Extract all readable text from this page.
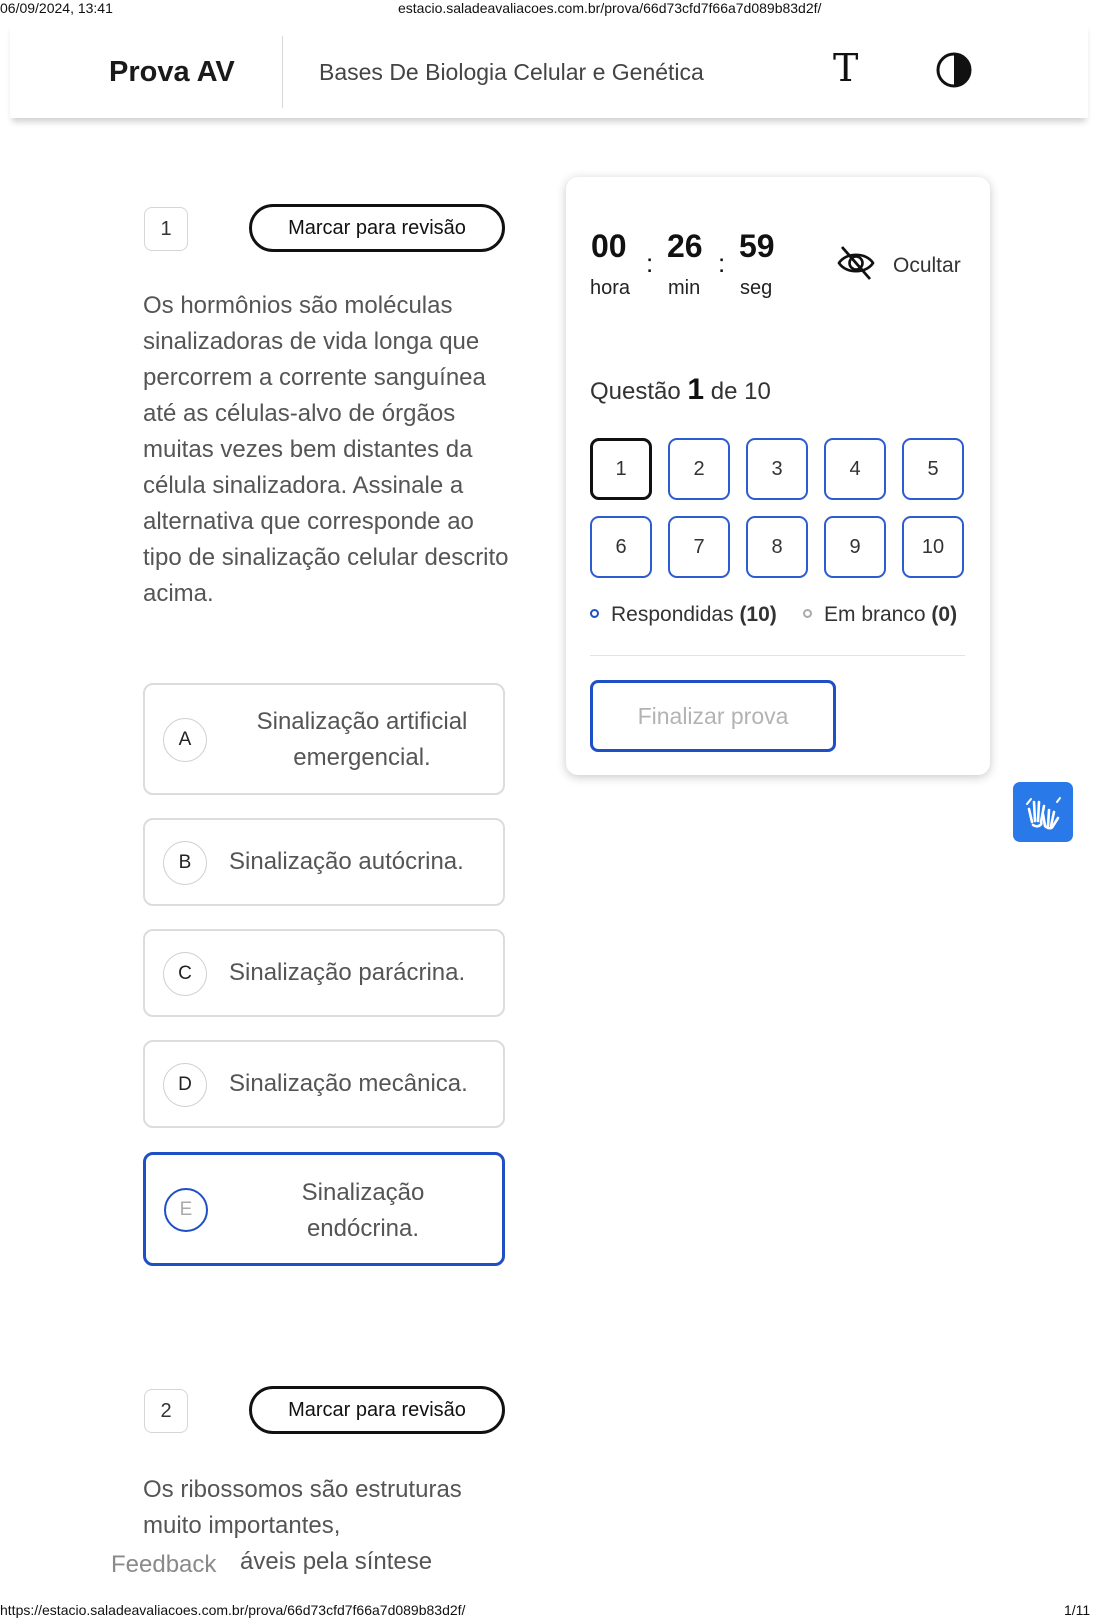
06/09/2024, 13:41	estacio.saladeavaliacoes.com.br/prova/66d73cfd7f66a7d089b83d2f/
Prova AV	Bases De Biologia Celular e Genética	T
1	Marcar para revisão
Os hormônios são moléculas sinalizadoras de vida longa que percorrem a corrente sanguínea até as células-alvo de órgãos muitas vezes bem distantes da célula sinalizadora. Assinale a alternativa que corresponde ao tipo de sinalização celular descrito acima.
A
Sinalização artificial
emergencial.
B	Sinalização autócrina.
C	Sinalização parácrina.
D	Sinalização mecânica.
E
Sinalização
endócrina.
2	Marcar para revisão
Os ribossomos são estruturas
muito importantes,
áveis pela síntese
00 : 26 : 59
hora min seg
Ocultar
Questão 1 de 10
1	2	3	4	5
6	7	8	9	10
Respondidas (10)	Em branco (0)
Finalizar prova
Feedback
https://estacio.saladeavaliacoes.com.br/prova/66d73cfd7f66a7d089b83d2f/	1/11
